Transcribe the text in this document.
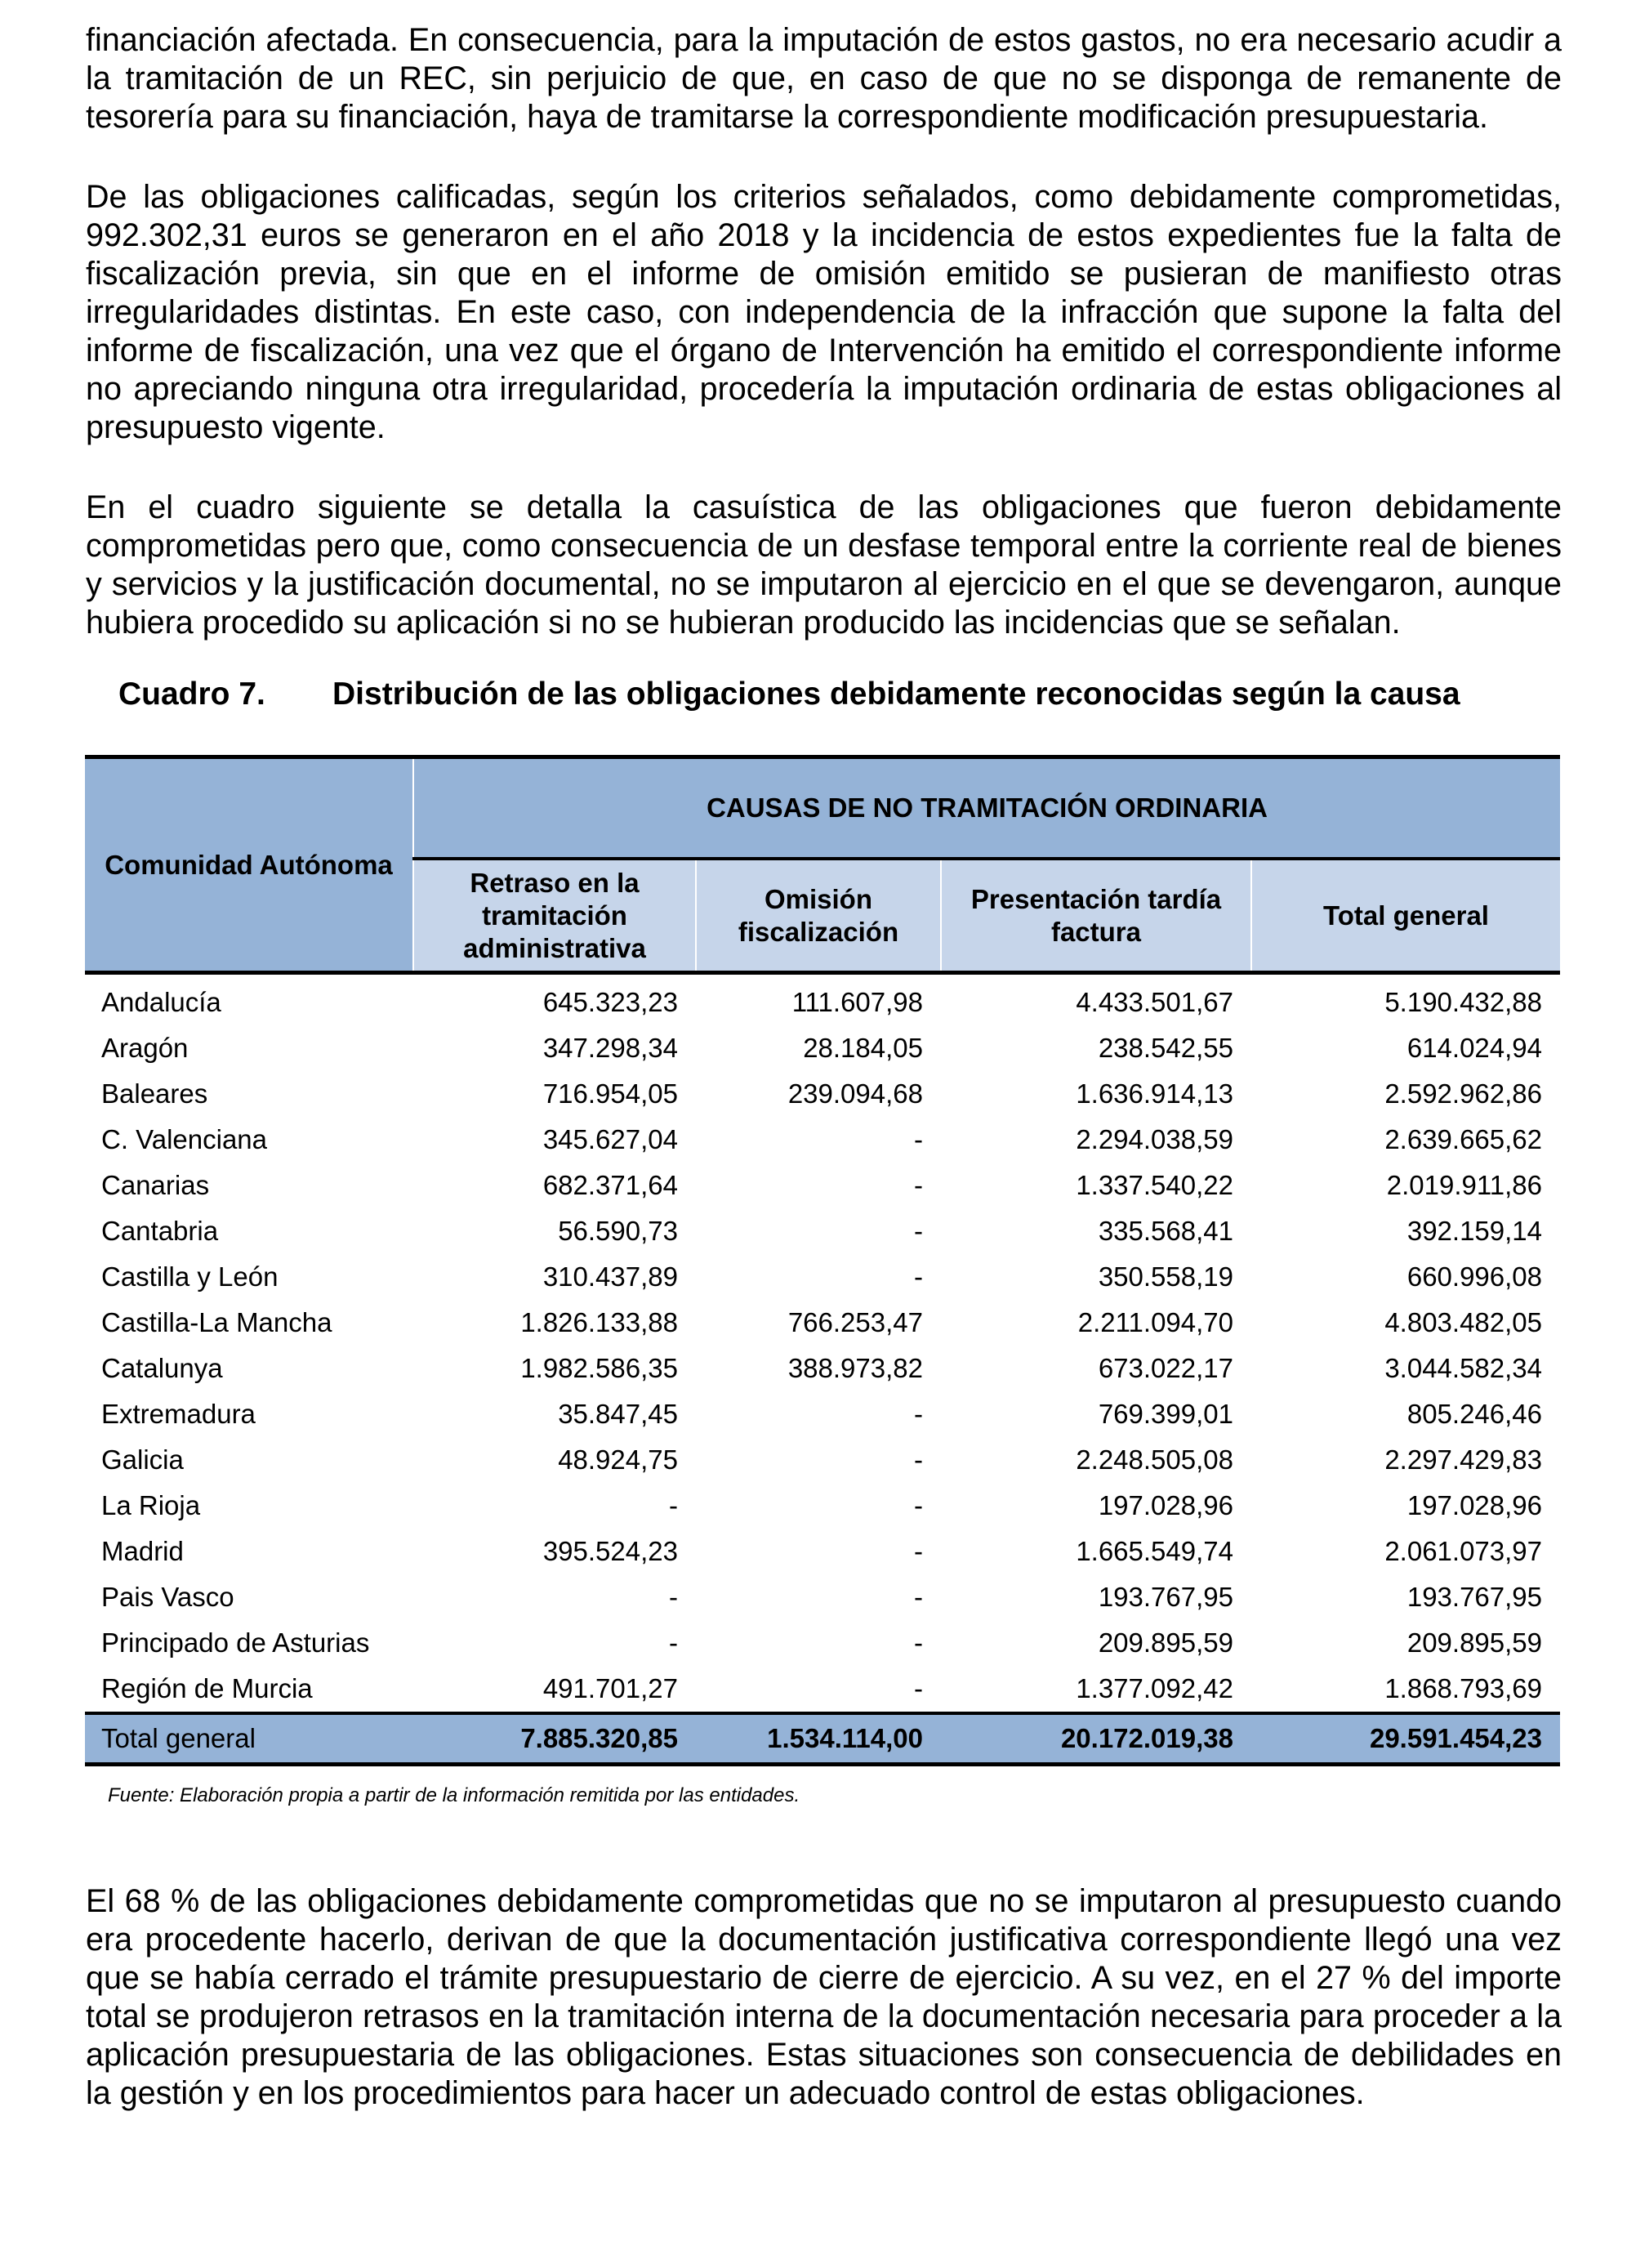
financiación afectada. En consecuencia, para la imputación de estos gastos, no era necesario acudir a la tramitación de un REC, sin perjuicio de que, en caso de que no se disponga de remanente de tesorería para su financiación, haya de tramitarse la correspondiente modificación presupuestaria.

De las obligaciones calificadas, según los criterios señalados, como debidamente comprometidas, 992.302,31 euros se generaron en el año 2018 y la incidencia de estos expedientes fue la falta de fiscalización previa, sin que en el informe de omisión emitido se pusieran de manifiesto otras irregularidades distintas. En este caso, con independencia de la infracción que supone la falta del informe de fiscalización, una vez que el órgano de Intervención ha emitido el correspondiente informe no apreciando ninguna otra irregularidad, procedería la imputación ordinaria de estas obligaciones al presupuesto vigente.

En el cuadro siguiente se detalla la casuística de las obligaciones que fueron debidamente comprometidas pero que, como consecuencia de un desfase temporal entre la corriente real de bienes y servicios y la justificación documental, no se imputaron al ejercicio en el que se devengaron, aunque hubiera procedido su aplicación si no se hubieran producido las incidencias que se señalan.

Cuadro 7. Distribución de las obligaciones debidamente reconocidas según la causa
Comunidad Autónoma	CAUSAS DE NO TRAMITACIÓN ORDINARIA			
	Retraso en la tramitación administrativa	Omisión fiscalización	Presentación tardía factura	Total general
Andalucía	645.323,23	111.607,98	4.433.501,67	5.190.432,88
Aragón	347.298,34	28.184,05	238.542,55	614.024,94
Baleares	716.954,05	239.094,68	1.636.914,13	2.592.962,86
C. Valenciana	345.627,04	-	2.294.038,59	2.639.665,62
Canarias	682.371,64	-	1.337.540,22	2.019.911,86
Cantabria	56.590,73	-	335.568,41	392.159,14
Castilla y León	310.437,89	-	350.558,19	660.996,08
Castilla-La Mancha	1.826.133,88	766.253,47	2.211.094,70	4.803.482,05
Catalunya	1.982.586,35	388.973,82	673.022,17	3.044.582,34
Extremadura	35.847,45	-	769.399,01	805.246,46
Galicia	48.924,75	-	2.248.505,08	2.297.429,83
La Rioja	-	-	197.028,96	197.028,96
Madrid	395.524,23	-	1.665.549,74	2.061.073,97
Pais Vasco	-	-	193.767,95	193.767,95
Principado de Asturias	-	-	209.895,59	209.895,59
Región de Murcia	491.701,27	-	1.377.092,42	1.868.793,69
Total general	7.885.320,85	1.534.114,00	20.172.019,38	29.591.454,23
Fuente: Elaboración propia a partir de la información remitida por las entidades.

El 68 % de las obligaciones debidamente comprometidas que no se imputaron al presupuesto cuando era procedente hacerlo, derivan de que la documentación justificativa correspondiente llegó una vez que se había cerrado el trámite presupuestario de cierre de ejercicio. A su vez, en el 27 % del importe total se produjeron retrasos en la tramitación interna de la documentación necesaria para proceder a la aplicación presupuestaria de las obligaciones. Estas situaciones son consecuencia de debilidades en la gestión y en los procedimientos para hacer un adecuado control de estas obligaciones.
